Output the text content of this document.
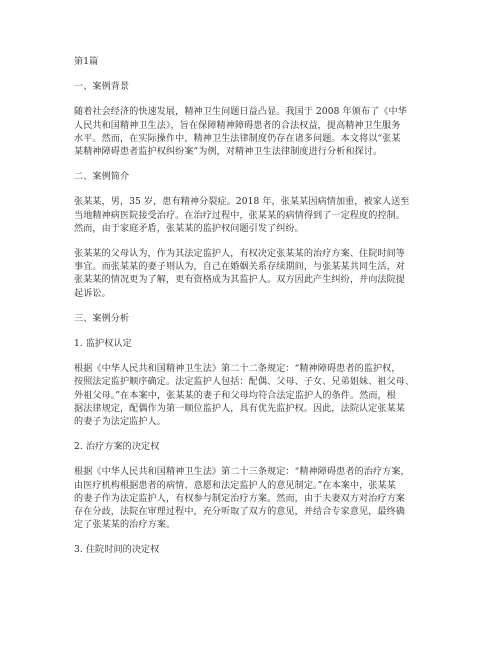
第1篇
一、案例背景
随着社会经济的快速发展，精神卫生问题日益凸显。我国于 2008 年颁布了《中华
人民共和国精神卫生法》，旨在保障精神障碍患者的合法权益，提高精神卫生服务
水平。然而，在实际操作中，精神卫生法律制度仍存在诸多问题。本文将以“张某
某精神障碍患者监护权纠纷案”为例，对精神卫生法律制度进行分析和探讨。
二、案例简介
张某某，男，35 岁，患有精神分裂症。2018 年，张某某因病情加重，被家人送至
当地精神病医院接受治疗。在治疗过程中，张某某的病情得到了一定程度的控制。
然而，由于家庭矛盾，张某某的监护权问题引发了纠纷。
张某某的父母认为，作为其法定监护人，有权决定张某某的治疗方案、住院时间等
事宜。而张某某的妻子则认为，自己在婚姻关系存续期间，与张某某共同生活，对
张某某的情况更为了解，更有资格成为其监护人。双方因此产生纠纷，并向法院提
起诉讼。
三、案例分析
1. 监护权认定
根据《中华人民共和国精神卫生法》第二十二条规定：“精神障碍患者的监护权，
按照法定监护顺序确定。法定监护人包括：配偶、父母、子女、兄弟姐妹、祖父母、
外祖父母。”在本案中，张某某的妻子和父母均符合法定监护人的条件。然而，根
据法律规定，配偶作为第一顺位监护人，具有优先监护权。因此，法院认定张某某
的妻子为法定监护人。
2. 治疗方案的决定权
根据《中华人民共和国精神卫生法》第二十三条规定：“精神障碍患者的治疗方案，
由医疗机构根据患者的病情、意愿和法定监护人的意见制定。”在本案中，张某某
的妻子作为法定监护人，有权参与制定治疗方案。然而，由于夫妻双方对治疗方案
存在分歧，法院在审理过程中，充分听取了双方的意见，并结合专家意见，最终确
定了张某某的治疗方案。
3. 住院时间的决定权
